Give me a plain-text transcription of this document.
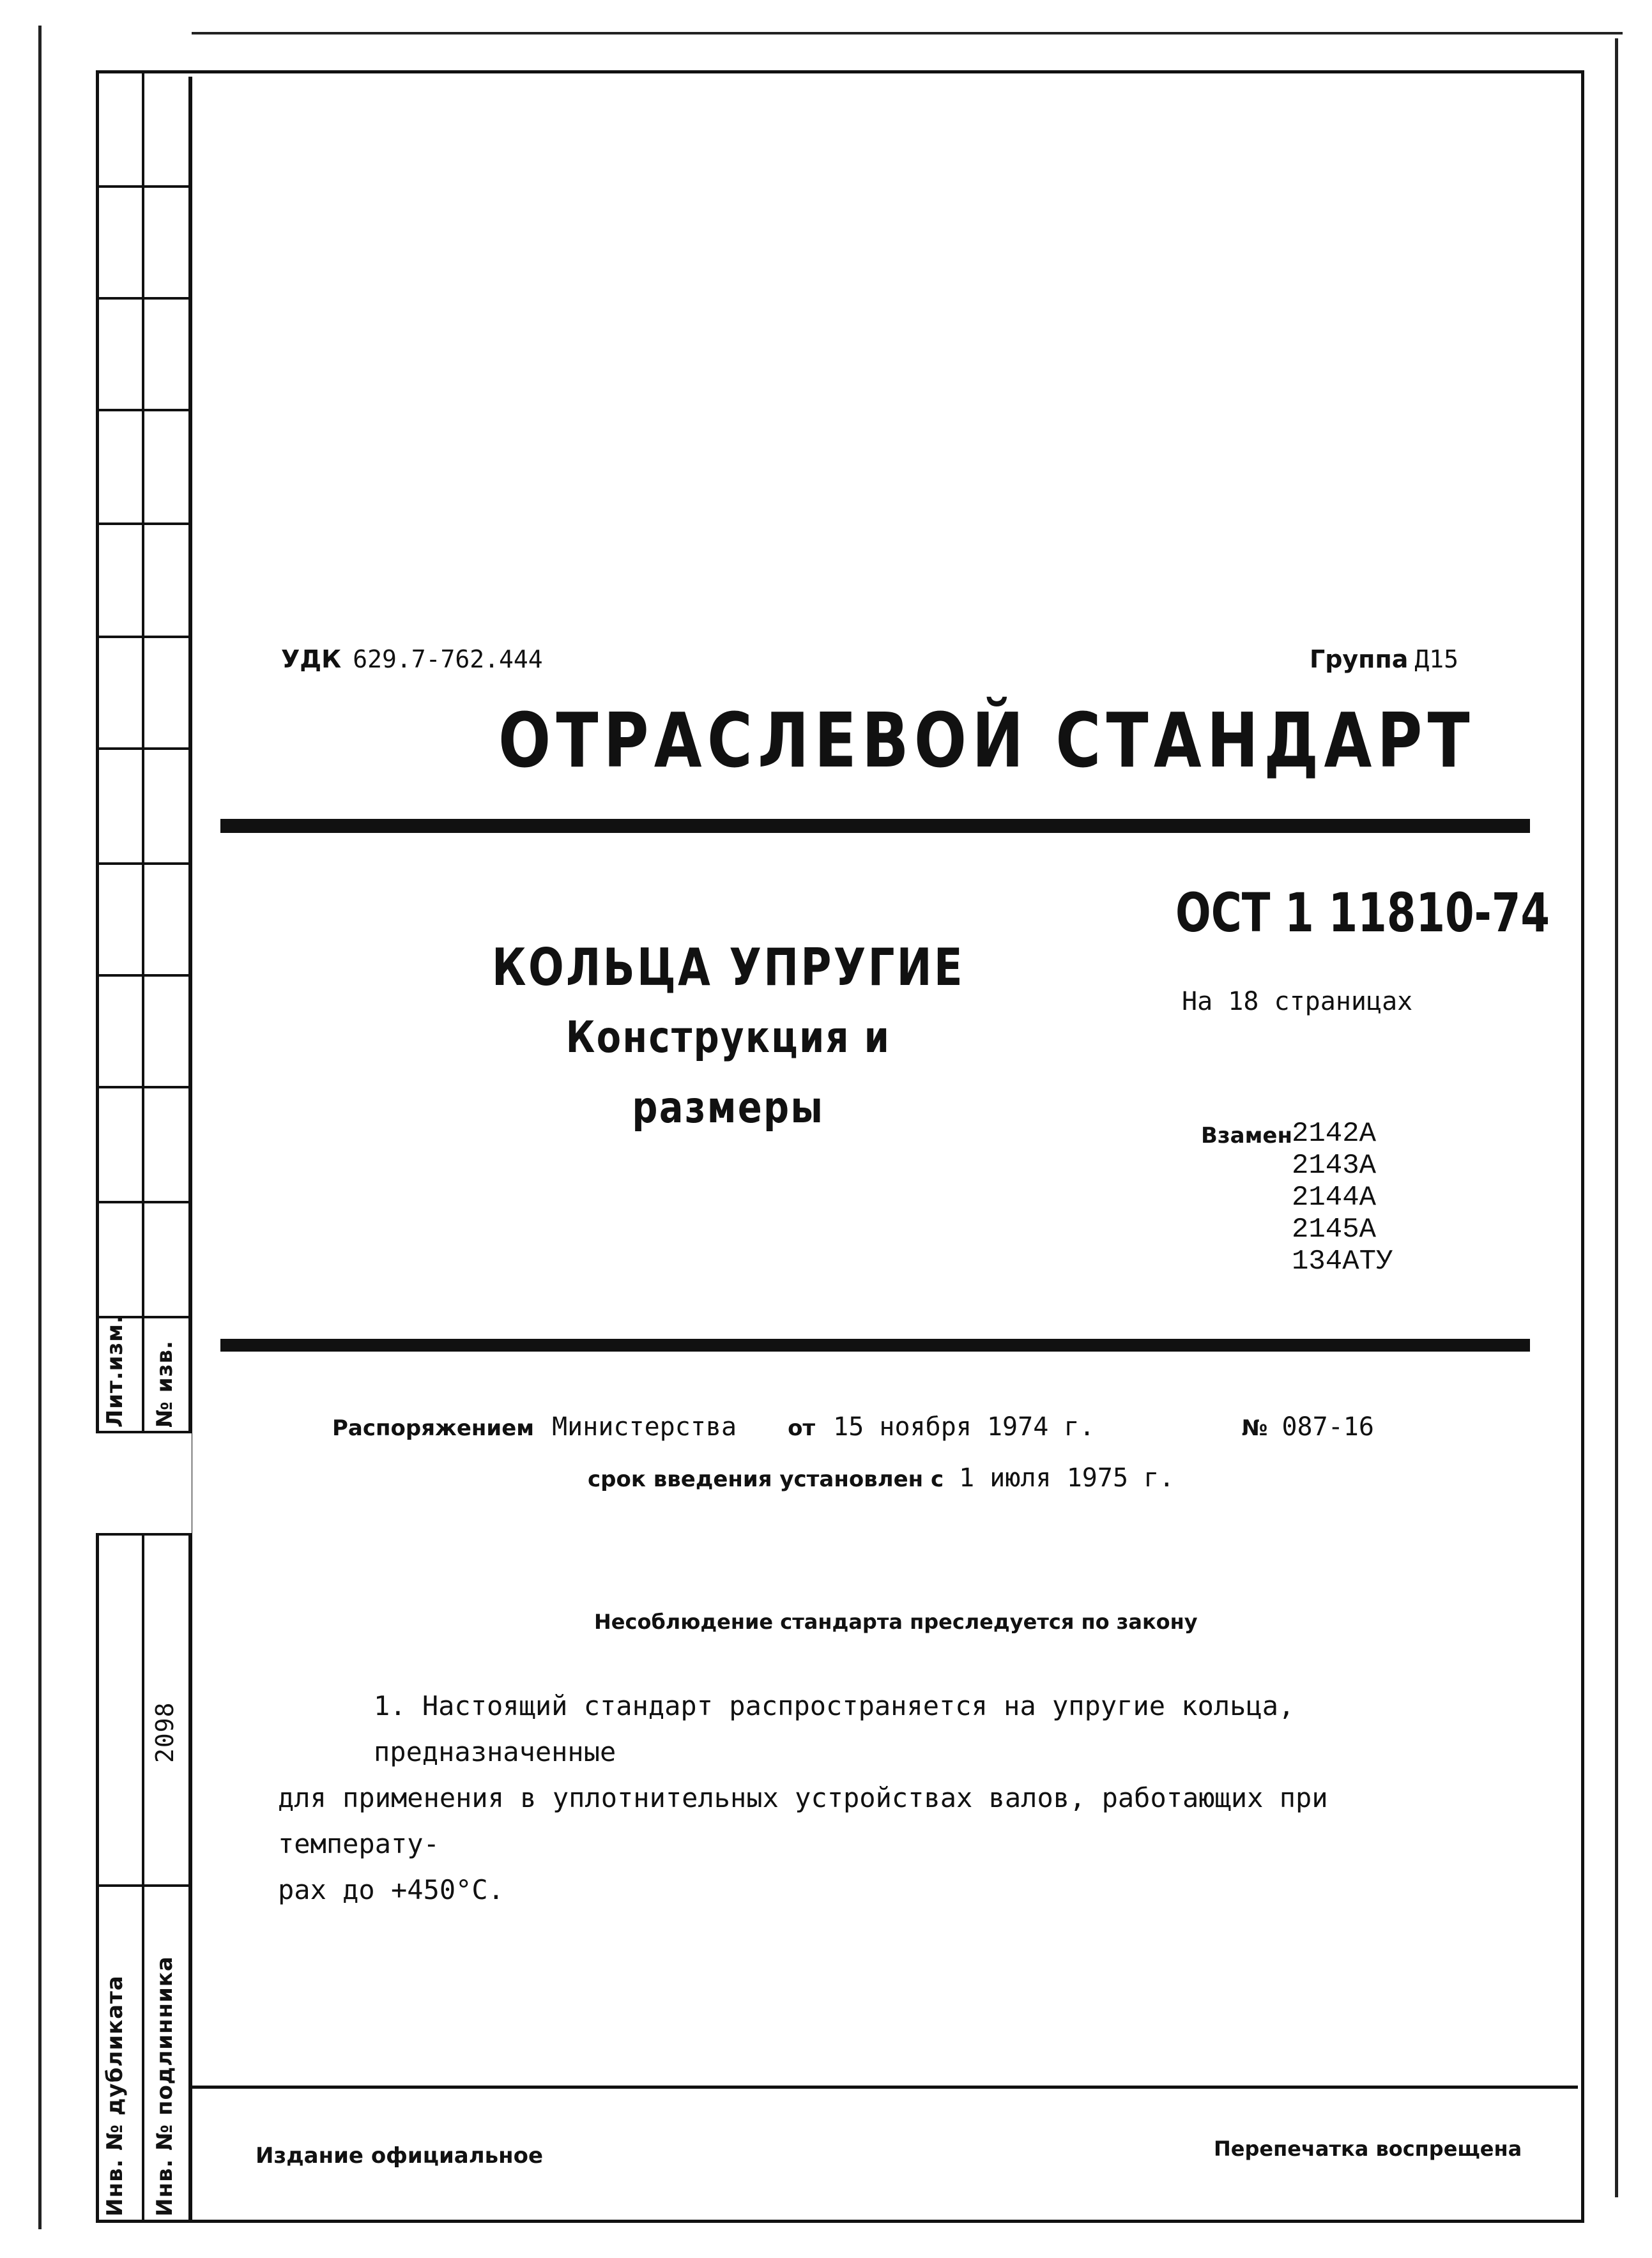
Лит.изм. № изв.
2098
Инв. № дубликата Инв. № подлинника
УДК 629.7-762.444	Группа Д15
ОТРАСЛЕВОЙ СТАНДАРТ
ОСТ 1 11810-74
На 18 страницах
КОЛЬЦА УПРУГИЕ
Конструкция и размеры
Взамен 2142А
2143А
2144А
2145А
134АТУ
Распоряжением Министерства от 15 ноября 1974 г.	№ 087-16
срок введения установлен с 1 июля 1975 г.
Несоблюдение стандарта преследуется по закону

1. Настоящий стандарт распространяется на упругие кольца, предназначенные

для применения в уплотнительных устройствах валов, работающих при температу-

рах до +450°С.

Издание официальное	Перепечатка воспрещена
